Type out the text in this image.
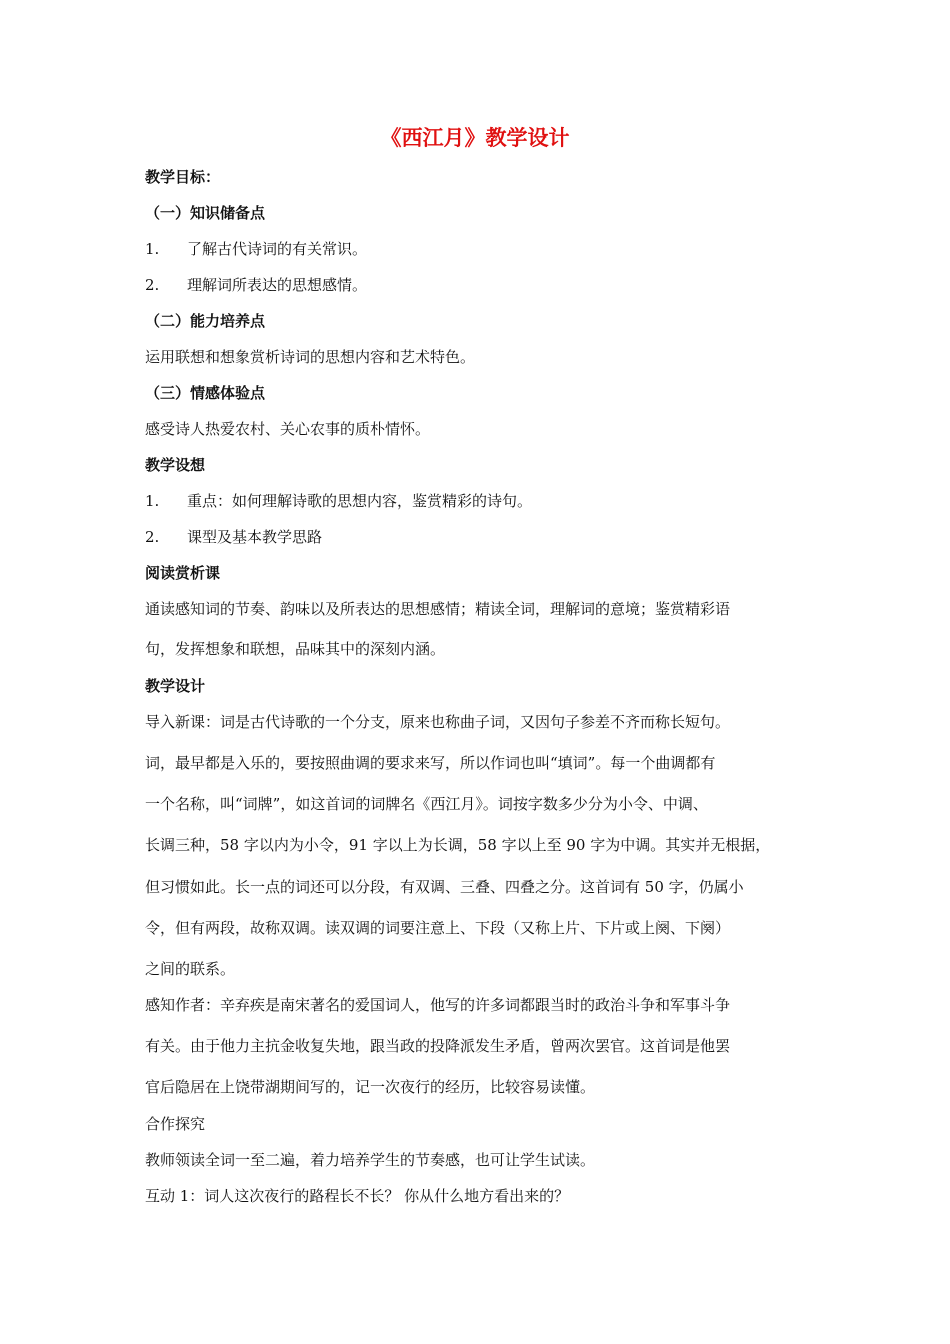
《西江月》教学设计
教学目标：
（一）知识储备点
1. 了解古代诗词的有关常识。
2. 理解词所表达的思想感情。
（二）能力培养点
运用联想和想象赏析诗词的思想内容和艺术特色。
（三）情感体验点
感受诗人热爱农村、关心农事的质朴情怀。
教学设想
1. 重点：如何理解诗歌的思想内容，鉴赏精彩的诗句。
2. 课型及基本教学思路
阅读赏析课
通读感知词的节奏、韵味以及所表达的思想感情；精读全词，理解词的意境；鉴赏精彩语
句，发挥想象和联想，品味其中的深刻内涵。
教学设计
导入新课：词是古代诗歌的一个分支，原来也称曲子词，又因句子参差不齐而称长短句。
词，最早都是入乐的，要按照曲调的要求来写，所以作词也叫“填词”。每一个曲调都有
一个名称，叫“词牌”，如这首词的词牌名《西江月》。词按字数多少分为小令、中调、
长调三种，58 字以内为小令，91 字以上为长调，58 字以上至 90 字为中调。其实并无根据，
但习惯如此。长一点的词还可以分段，有双调、三叠、四叠之分。这首词有 50 字，仍属小
令，但有两段，故称双调。读双调的词要注意上、下段（又称上片、下片或上阕、下阕）
之间的联系。
感知作者：辛弃疾是南宋著名的爱国词人，他写的许多词都跟当时的政治斗争和军事斗争
有关。由于他力主抗金收复失地，跟当政的投降派发生矛盾，曾两次罢官。这首词是他罢
官后隐居在上饶带湖期间写的，记一次夜行的经历，比较容易读懂。
合作探究
教师领读全词一至二遍，着力培养学生的节奏感，也可让学生试读。
互动 1：词人这次夜行的路程长不长？ 你从什么地方看出来的？
